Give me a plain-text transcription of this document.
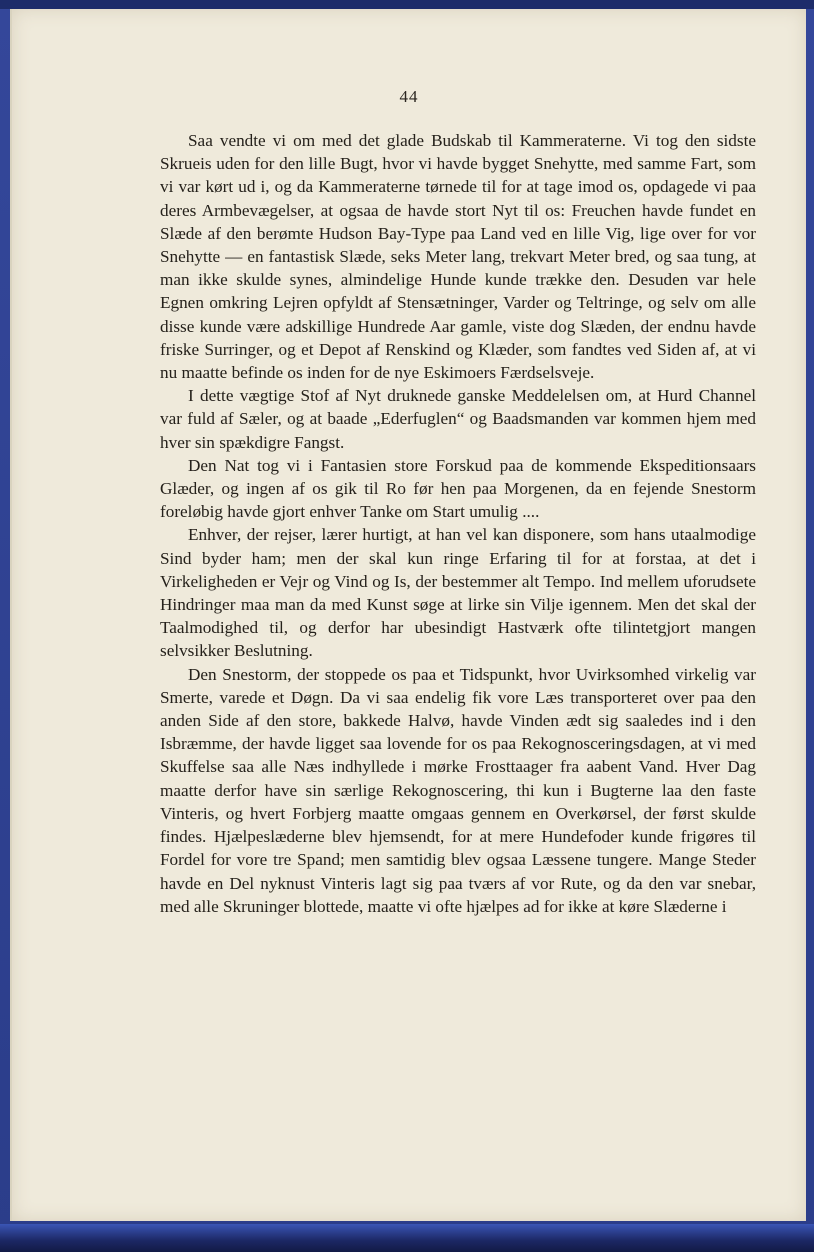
44

Saa vendte vi om med det glade Budskab til Kammeraterne. Vi tog den sidste Skrueis uden for den lille Bugt, hvor vi havde bygget Snehytte, med samme Fart, som vi var kørt ud i, og da Kammeraterne tørnede til for at tage imod os, opdagede vi paa deres Armbevægelser, at ogsaa de havde stort Nyt til os: Freuchen havde fundet en Slæde af den berømte Hudson Bay-Type paa Land ved en lille Vig, lige over for vor Snehytte — en fantastisk Slæde, seks Meter lang, trekvart Meter bred, og saa tung, at man ikke skulde synes, almindelige Hunde kunde trække den. Desuden var hele Egnen omkring Lejren opfyldt af Stensætninger, Varder og Teltringe, og selv om alle disse kunde være adskillige Hundrede Aar gamle, viste dog Slæden, der endnu havde friske Surringer, og et Depot af Renskind og Klæder, som fandtes ved Siden af, at vi nu maatte befinde os inden for de nye Eskimoers Færdselsveje.

I dette vægtige Stof af Nyt druknede ganske Meddelelsen om, at Hurd Channel var fuld af Sæler, og at baade „Ederfuglen“ og Baadsmanden var kommen hjem med hver sin spækdigre Fangst.

Den Nat tog vi i Fantasien store Forskud paa de kommende Ekspeditionsaars Glæder, og ingen af os gik til Ro før hen paa Morgenen, da en fejende Snestorm foreløbig havde gjort enhver Tanke om Start umulig ....

Enhver, der rejser, lærer hurtigt, at han vel kan disponere, som hans utaalmodige Sind byder ham; men der skal kun ringe Erfaring til for at forstaa, at det i Virkeligheden er Vejr og Vind og Is, der bestemmer alt Tempo. Ind mellem uforudsete Hindringer maa man da med Kunst søge at lirke sin Vilje igennem. Men det skal der Taalmodighed til, og derfor har ubesindigt Hastværk ofte tilintetgjort mangen selvsikker Beslutning.

Den Snestorm, der stoppede os paa et Tidspunkt, hvor Uvirksomhed virkelig var Smerte, varede et Døgn. Da vi saa endelig fik vore Læs transporteret over paa den anden Side af den store, bakkede Halvø, havde Vinden ædt sig saaledes ind i den Isbræmme, der havde ligget saa lovende for os paa Rekognosceringsdagen, at vi med Skuffelse saa alle Næs indhyllede i mørke Frosttaager fra aabent Vand. Hver Dag maatte derfor have sin særlige Rekognoscering, thi kun i Bugterne laa den faste Vinteris, og hvert Forbjerg maatte omgaas gennem en Overkørsel, der først skulde findes. Hjælpeslæderne blev hjemsendt, for at mere Hundefoder kunde frigøres til Fordel for vore tre Spand; men samtidig blev ogsaa Læssene tungere. Mange Steder havde en Del nyknust Vinteris lagt sig paa tværs af vor Rute, og da den var snebar, med alle Skruninger blottede, maatte vi ofte hjælpes ad for ikke at køre Slæderne i
